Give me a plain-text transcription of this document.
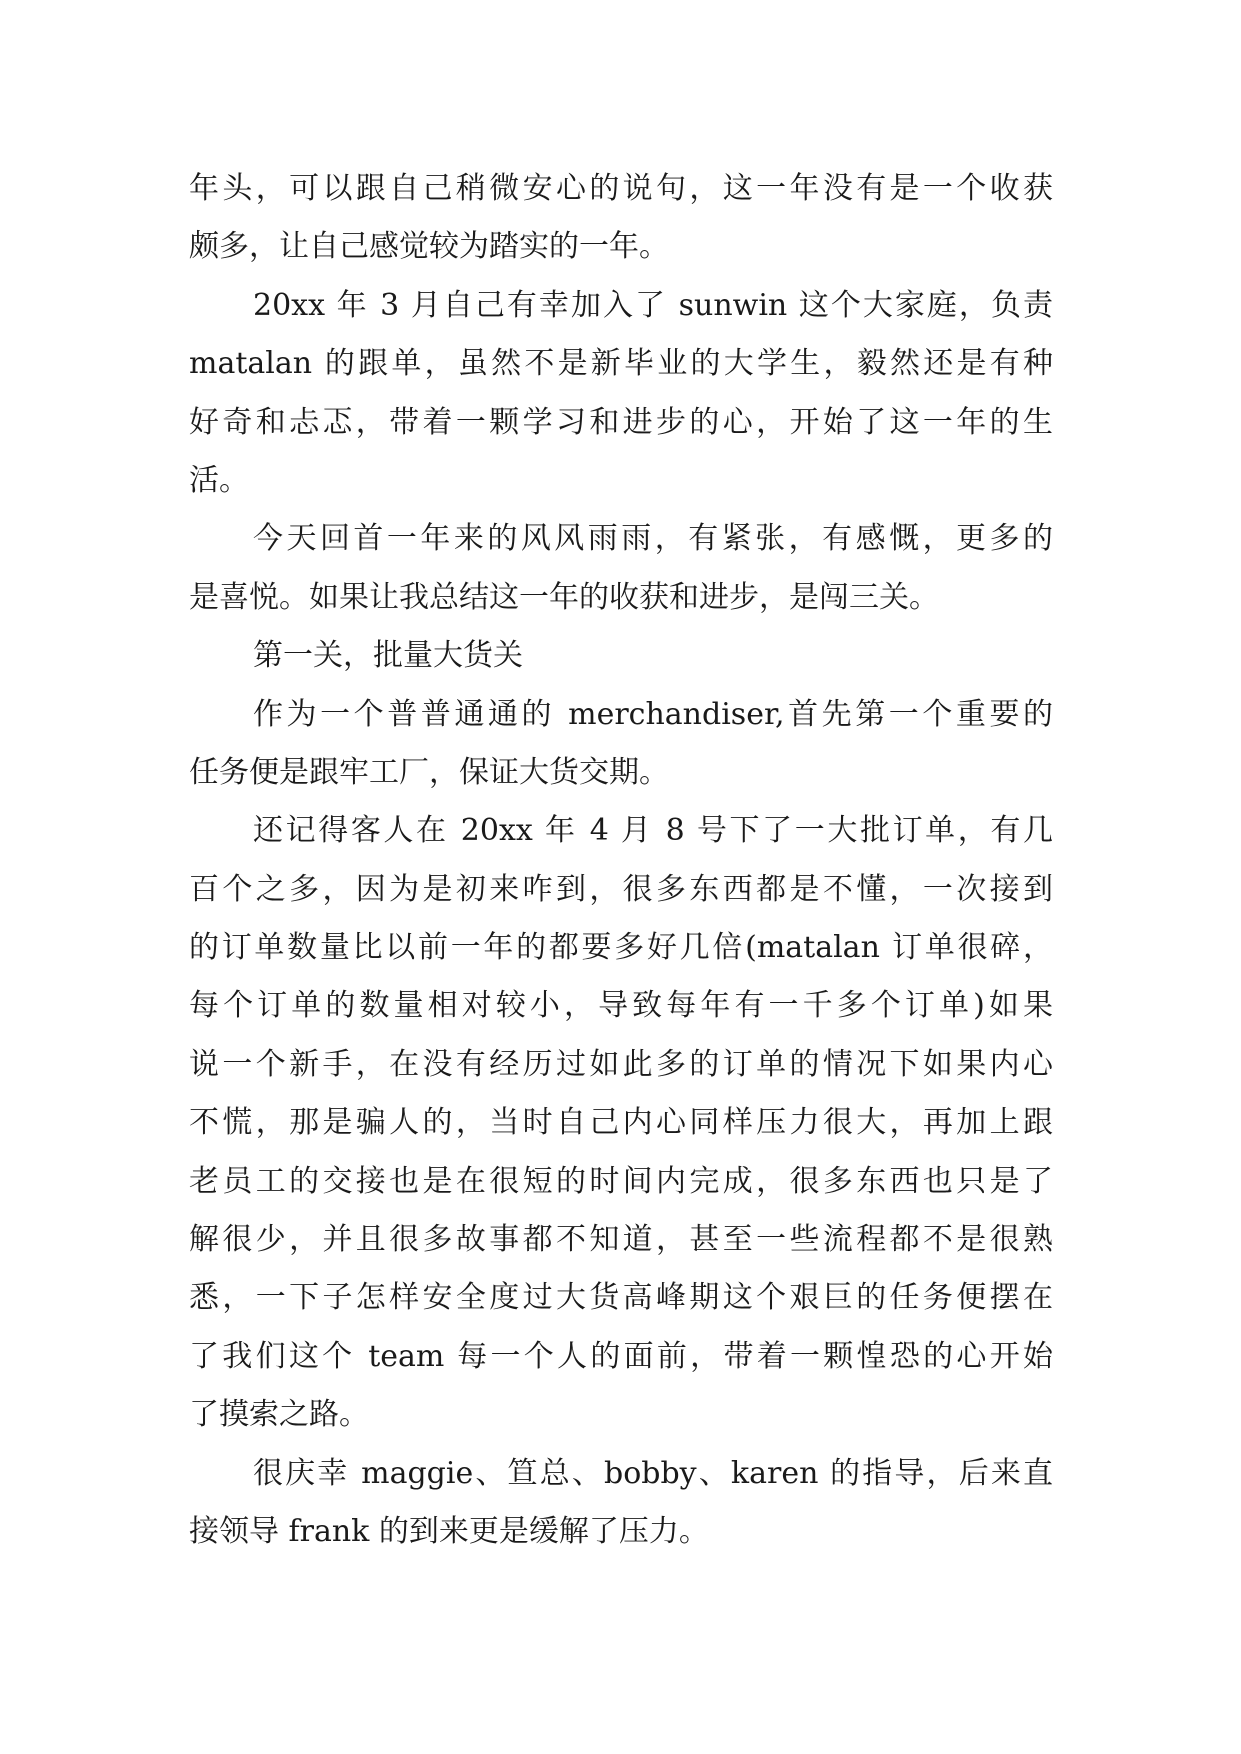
年头，可以跟自己稍微安心的说句，这一年没有是一个收获
颇多，让自己感觉较为踏实的一年。
20xx 年 3 月自己有幸加入了 sunwin 这个大家庭，负责
matalan 的跟单，虽然不是新毕业的大学生，毅然还是有种
好奇和忐忑，带着一颗学习和进步的心，开始了这一年的生
活。
今天回首一年来的风风雨雨，有紧张，有感慨，更多的
是喜悦。如果让我总结这一年的收获和进步，是闯三关。
第一关，批量大货关
作为一个普普通通的 merchandiser,首先第一个重要的
任务便是跟牢工厂，保证大货交期。
还记得客人在 20xx 年 4 月 8 号下了一大批订单，有几
百个之多，因为是初来咋到，很多东西都是不懂，一次接到
的订单数量比以前一年的都要多好几倍(matalan 订单很碎，
每个订单的数量相对较小，导致每年有一千多个订单)如果
说一个新手，在没有经历过如此多的订单的情况下如果内心
不慌，那是骗人的，当时自己内心同样压力很大，再加上跟
老员工的交接也是在很短的时间内完成，很多东西也只是了
解很少，并且很多故事都不知道，甚至一些流程都不是很熟
悉，一下子怎样安全度过大货高峰期这个艰巨的任务便摆在
了我们这个 team 每一个人的面前，带着一颗惶恐的心开始
了摸索之路。
很庆幸 maggie、笪总、bobby、karen 的指导，后来直
接领导 frank 的到来更是缓解了压力。
